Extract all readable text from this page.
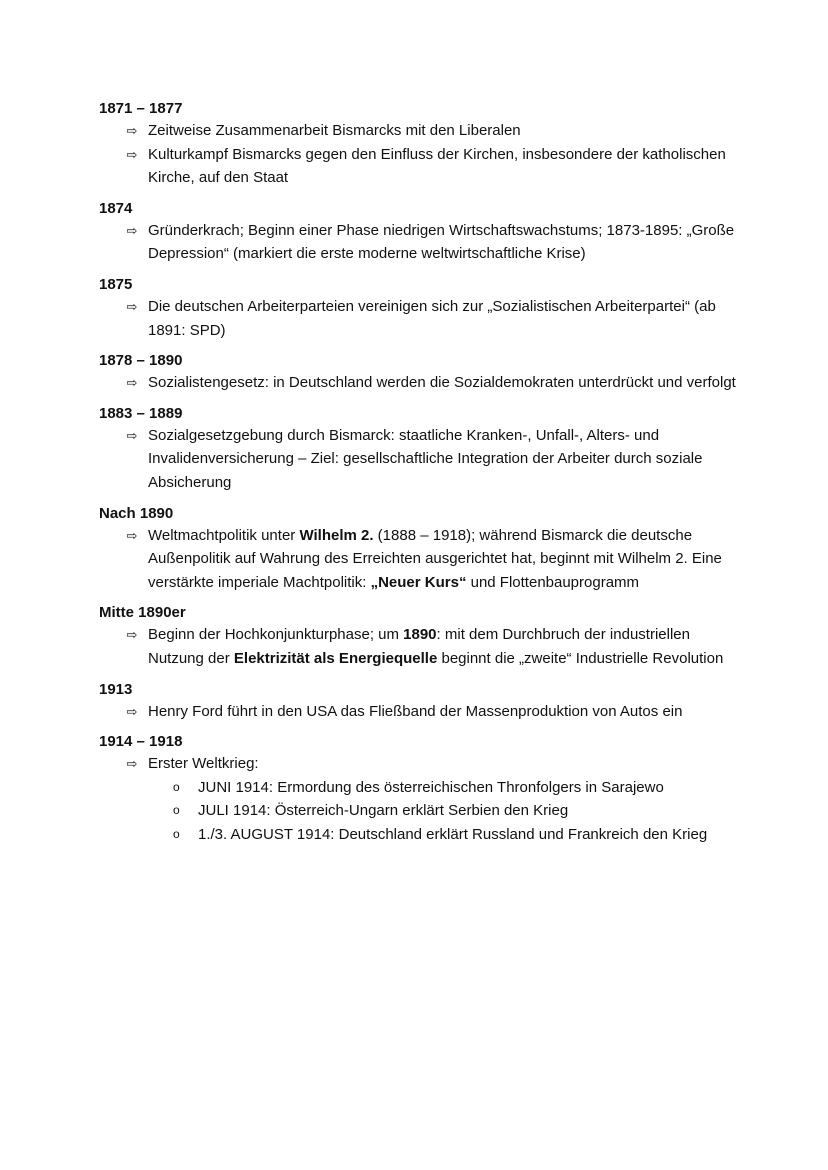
1871 – 1877
⇨ Zeitweise Zusammenarbeit Bismarcks mit den Liberalen
⇨ Kulturkampf Bismarcks gegen den Einfluss der Kirchen, insbesondere der katholischen Kirche, auf den Staat
1874
⇨ Gründerkrach; Beginn einer Phase niedrigen Wirtschaftswachstums; 1873-1895: „Große Depression“ (markiert die erste moderne weltwirtschaftliche Krise)
1875
⇨ Die deutschen Arbeiterparteien vereinigen sich zur „Sozialistischen Arbeiterpartei“ (ab 1891: SPD)
1878 – 1890
⇨ Sozialistengesetz: in Deutschland werden die Sozialdemokraten unterdrückt und verfolgt
1883 – 1889
⇨ Sozialgesetzgebung durch Bismarck: staatliche Kranken-, Unfall-, Alters- und Invalidenversicherung – Ziel: gesellschaftliche Integration der Arbeiter durch soziale Absicherung
Nach 1890
⇨ Weltmachtpolitik unter Wilhelm 2. (1888 – 1918); während Bismarck die deutsche Außenpolitik auf Wahrung des Erreichten ausgerichtet hat, beginnt mit Wilhelm 2. Eine verstärkte imperiale Machtpolitik: „Neuer Kurs“ und Flottenbauprogramm
Mitte 1890er
⇨ Beginn der Hochkonjunkturphase; um 1890: mit dem Durchbruch der industriellen Nutzung der Elektrizität als Energiequelle beginnt die „zweite“ Industrielle Revolution
1913
⇨ Henry Ford führt in den USA das Fließband der Massenproduktion von Autos ein
1914 – 1918
⇨ Erster Weltkrieg:
o JUNI 1914: Ermordung des österreichischen Thronfolgers in Sarajewo
o JULI 1914: Österreich-Ungarn erklärt Serbien den Krieg
o 1./3. AUGUST 1914: Deutschland erklärt Russland und Frankreich den Krieg
